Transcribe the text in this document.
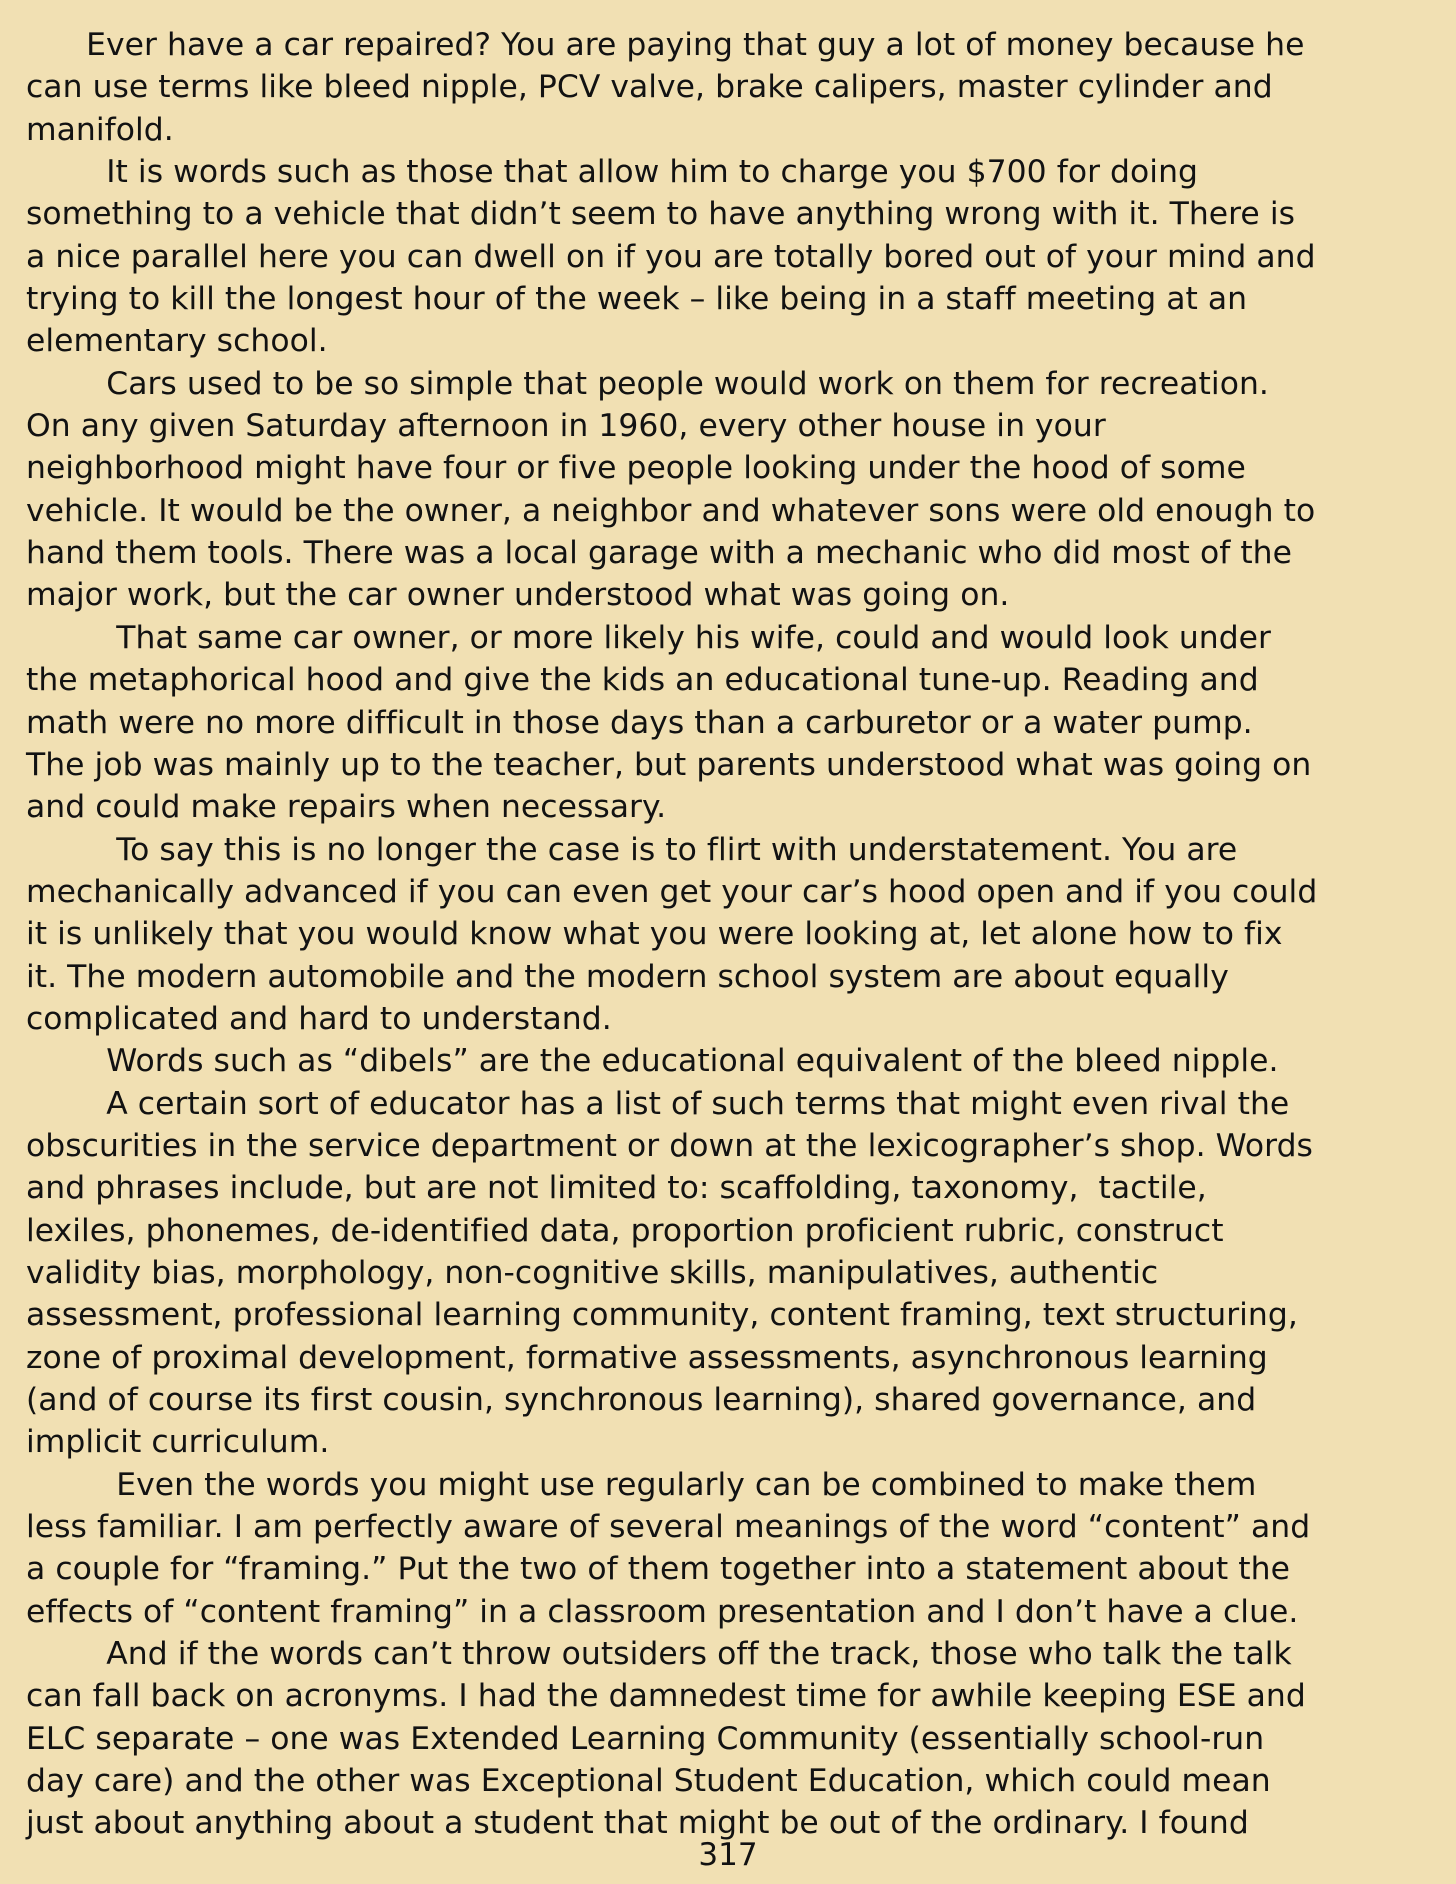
Ever have a car repaired? You are paying that guy a lot of money because he
can use terms like bleed nipple, PCV valve, brake calipers, master cylinder and
manifold.
It is words such as those that allow him to charge you $700 for doing
something to a vehicle that didn’t seem to have anything wrong with it. There is
a nice parallel here you can dwell on if you are totally bored out of your mind and
trying to kill the longest hour of the week – like being in a staff meeting at an
elementary school.
Cars used to be so simple that people would work on them for recreation.
On any given Saturday afternoon in 1960, every other house in your
neighborhood might have four or five people looking under the hood of some
vehicle. It would be the owner, a neighbor and whatever sons were old enough to
hand them tools. There was a local garage with a mechanic who did most of the
major work, but the car owner understood what was going on.
That same car owner, or more likely his wife, could and would look under
the metaphorical hood and give the kids an educational tune-up. Reading and
math were no more difficult in those days than a carburetor or a water pump.
The job was mainly up to the teacher, but parents understood what was going on
and could make repairs when necessary.
To say this is no longer the case is to flirt with understatement. You are
mechanically advanced if you can even get your car’s hood open and if you could
it is unlikely that you would know what you were looking at, let alone how to fix
it. The modern automobile and the modern school system are about equally
complicated and hard to understand.
Words such as “dibels” are the educational equivalent of the bleed nipple.
A certain sort of educator has a list of such terms that might even rival the
obscurities in the service department or down at the lexicographer’s shop. Words
and phrases include, but are not limited to: scaffolding, taxonomy,  tactile,
lexiles, phonemes, de-identified data, proportion proficient rubric, construct
validity bias, morphology, non-cognitive skills, manipulatives, authentic
assessment, professional learning community, content framing, text structuring,
zone of proximal development, formative assessments, asynchronous learning
(and of course its first cousin, synchronous learning), shared governance, and
implicit curriculum.
Even the words you might use regularly can be combined to make them
less familiar. I am perfectly aware of several meanings of the word “content” and
a couple for “framing.” Put the two of them together into a statement about the
effects of “content framing” in a classroom presentation and I don’t have a clue.
And if the words can’t throw outsiders off the track, those who talk the talk
can fall back on acronyms. I had the damnedest time for awhile keeping ESE and
ELC separate – one was Extended Learning Community (essentially school-run
day care) and the other was Exceptional Student Education, which could mean
just about anything about a student that might be out of the ordinary. I found
317
